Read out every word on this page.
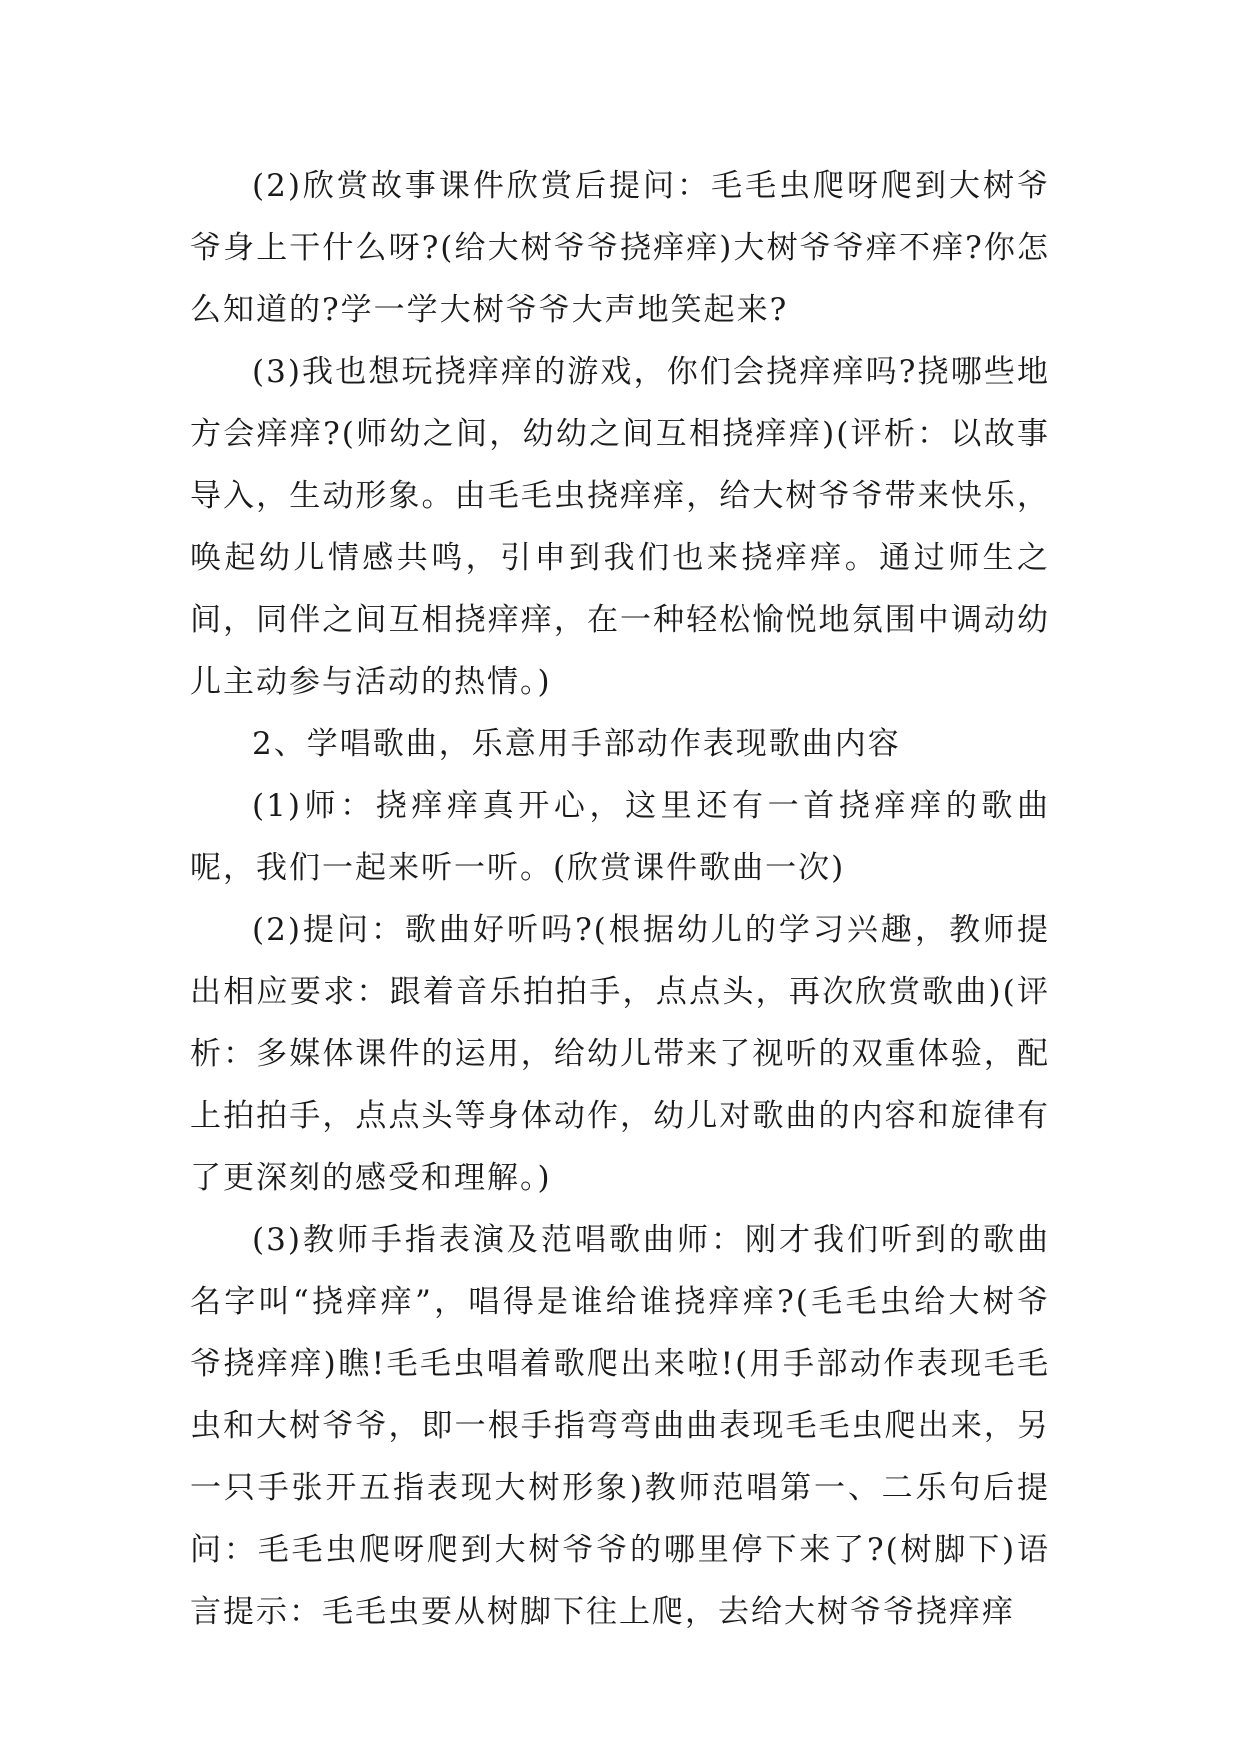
(2)欣赏故事课件欣赏后提问：毛毛虫爬呀爬到大树爷爷身上干什么呀?(给大树爷爷挠痒痒)大树爷爷痒不痒?你怎么知道的?学一学大树爷爷大声地笑起来?

(3)我也想玩挠痒痒的游戏，你们会挠痒痒吗?挠哪些地方会痒痒?(师幼之间，幼幼之间互相挠痒痒)(评析：以故事导入，生动形象。由毛毛虫挠痒痒，给大树爷爷带来快乐，唤起幼儿情感共鸣，引申到我们也来挠痒痒。通过师生之间，同伴之间互相挠痒痒，在一种轻松愉悦地氛围中调动幼儿主动参与活动的热情。)

2、学唱歌曲，乐意用手部动作表现歌曲内容

(1)师：挠痒痒真开心，这里还有一首挠痒痒的歌曲呢，我们一起来听一听。(欣赏课件歌曲一次)

(2)提问：歌曲好听吗?(根据幼儿的学习兴趣，教师提出相应要求：跟着音乐拍拍手，点点头，再次欣赏歌曲)(评析：多媒体课件的运用，给幼儿带来了视听的双重体验，配上拍拍手，点点头等身体动作，幼儿对歌曲的内容和旋律有了更深刻的感受和理解。)

(3)教师手指表演及范唱歌曲师：刚才我们听到的歌曲名字叫“挠痒痒”，唱得是谁给谁挠痒痒?(毛毛虫给大树爷爷挠痒痒)瞧!毛毛虫唱着歌爬出来啦!(用手部动作表现毛毛虫和大树爷爷，即一根手指弯弯曲曲表现毛毛虫爬出来，另一只手张开五指表现大树形象)教师范唱第一、二乐句后提问：毛毛虫爬呀爬到大树爷爷的哪里停下来了?(树脚下)语言提示：毛毛虫要从树脚下往上爬，去给大树爷爷挠痒痒
